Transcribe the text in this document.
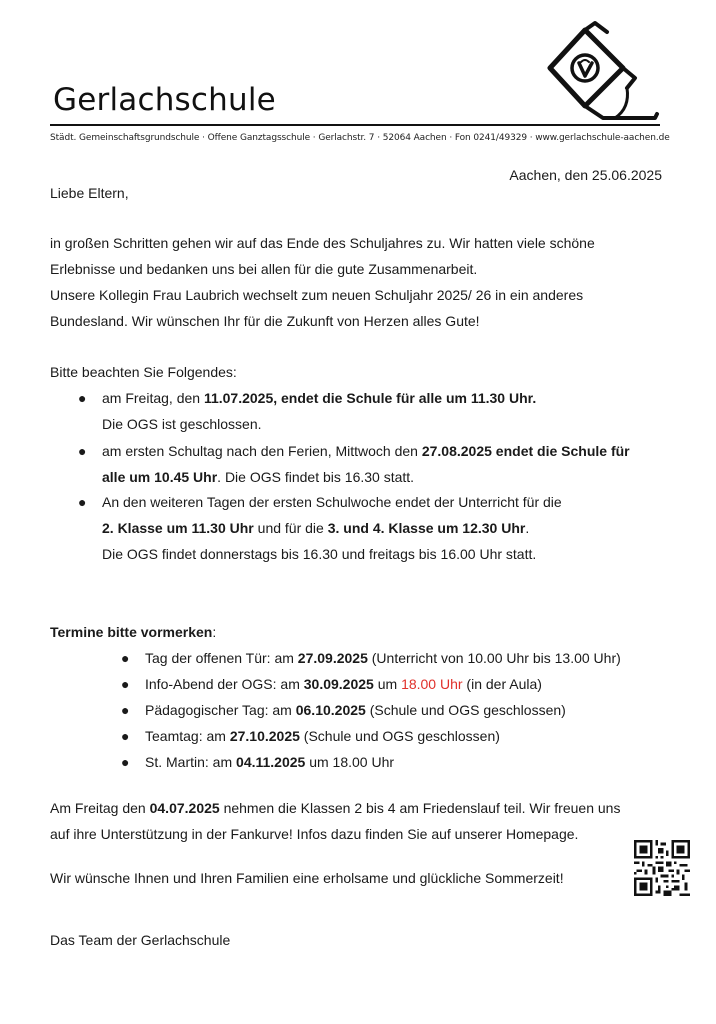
Gerlachschule
Städt. Gemeinschaftsgrundschule · Offene Ganztagsschule · Gerlachstr. 7 · 52064 Aachen · Fon 0241/49329 · www.gerlachschule-aachen.de
Aachen, den 25.06.2025
Liebe Eltern,
in großen Schritten gehen wir auf das Ende des Schuljahres zu. Wir hatten viele schöne
Erlebnisse und bedanken uns bei allen für die gute Zusammenarbeit.
Unsere Kollegin Frau Laubrich wechselt zum neuen Schuljahr 2025/ 26 in ein anderes
Bundesland. Wir wünschen Ihr für die Zukunft von Herzen alles Gute!
Bitte beachten Sie Folgendes:
● am Freitag, den 11.07.2025, endet die Schule für alle um 11.30 Uhr.
Die OGS ist geschlossen.
● am ersten Schultag nach den Ferien, Mittwoch den 27.08.2025 endet die Schule für
alle um 10.45 Uhr. Die OGS findet bis 16.30 statt.
● An den weiteren Tagen der ersten Schulwoche endet der Unterricht für die
2. Klasse um 11.30 Uhr und für die 3. und 4. Klasse um 12.30 Uhr.
Die OGS findet donnerstags bis 16.30 und freitags bis 16.00 Uhr statt.
Termine bitte vormerken:
● Tag der offenen Tür: am 27.09.2025 (Unterricht von 10.00 Uhr bis 13.00 Uhr)
● Info-Abend der OGS: am 30.09.2025 um 18.00 Uhr (in der Aula)
● Pädagogischer Tag: am 06.10.2025 (Schule und OGS geschlossen)
● Teamtag: am 27.10.2025 (Schule und OGS geschlossen)
● St. Martin: am 04.11.2025 um 18.00 Uhr
Am Freitag den 04.07.2025 nehmen die Klassen 2 bis 4 am Friedenslauf teil. Wir freuen uns
auf ihre Unterstützung in der Fankurve! Infos dazu finden Sie auf unserer Homepage.
Wir wünsche Ihnen und Ihren Familien eine erholsame und glückliche Sommerzeit!
Das Team der Gerlachschule
